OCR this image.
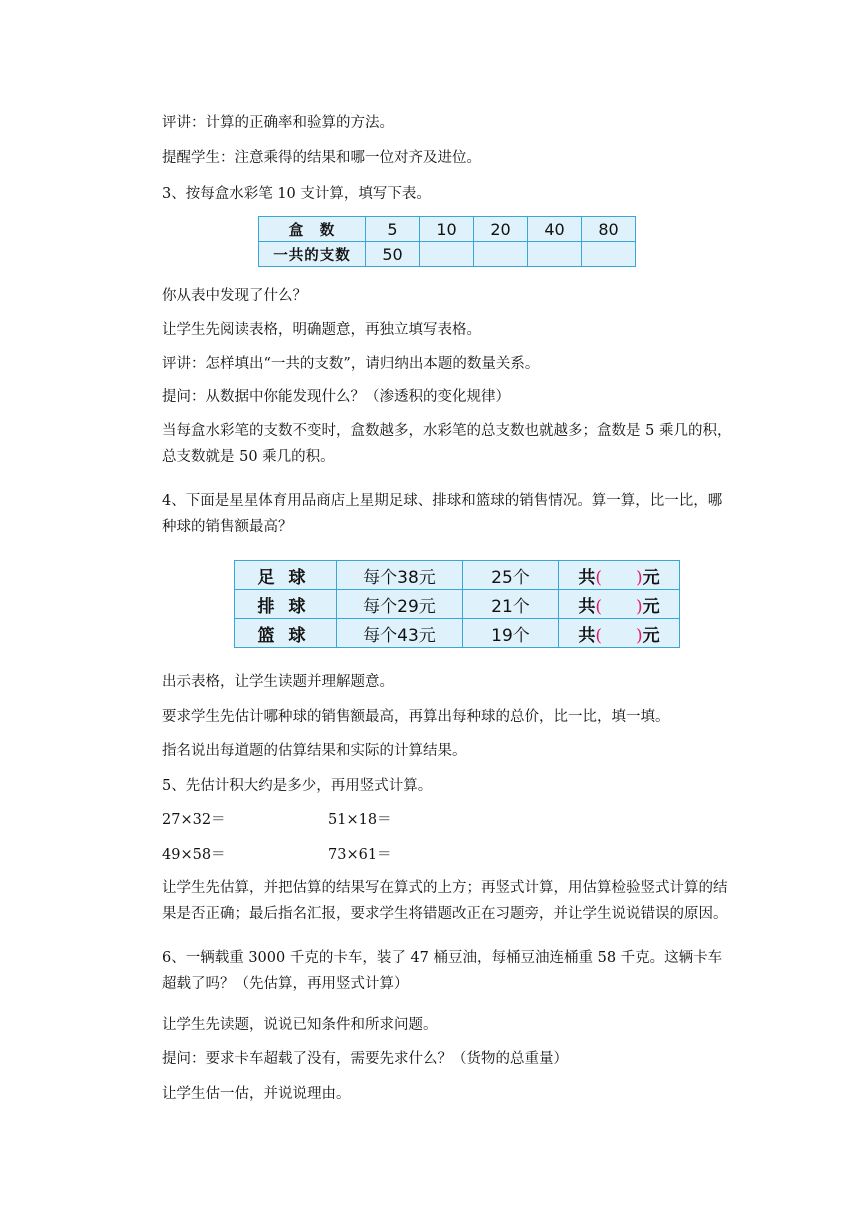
评讲：计算的正确率和验算的方法。
提醒学生：注意乘得的结果和哪一位对齐及进位。
3、按每盒水彩笔 10 支计算，填写下表。
盒　数	5	10	20	40	80
一共的支数	50				
你从表中发现了什么？
让学生先阅读表格，明确题意，再独立填写表格。
评讲：怎样填出“一共的支数”，请归纳出本题的数量关系。
提问：从数据中你能发现什么？（渗透积的变化规律）
当每盒水彩笔的支数不变时，盒数越多，水彩笔的总支数也就越多；盒数是 5 乘几的积，总支数就是 50 乘几的积。
4、下面是星星体育用品商店上星期足球、排球和篮球的销售情况。算一算，比一比，哪种球的销售额最高？
足球	每个38元	25个	共( )元
排球	每个29元	21个	共( )元
篮球	每个43元	19个	共( )元
出示表格，让学生读题并理解题意。
要求学生先估计哪种球的销售额最高，再算出每种球的总价，比一比，填一填。
指名说出每道题的估算结果和实际的计算结果。
5、先估计积大约是多少，再用竖式计算。
27×32＝	51×18＝
49×58＝	73×61＝
让学生先估算，并把估算的结果写在算式的上方；再竖式计算，用估算检验竖式计算的结果是否正确；最后指名汇报，要求学生将错题改正在习题旁，并让学生说说错误的原因。
6、一辆载重 3000 千克的卡车，装了 47 桶豆油，每桶豆油连桶重 58 千克。这辆卡车超载了吗？（先估算，再用竖式计算）
让学生先读题，说说已知条件和所求问题。
提问：要求卡车超载了没有，需要先求什么？（货物的总重量）
让学生估一估，并说说理由。
